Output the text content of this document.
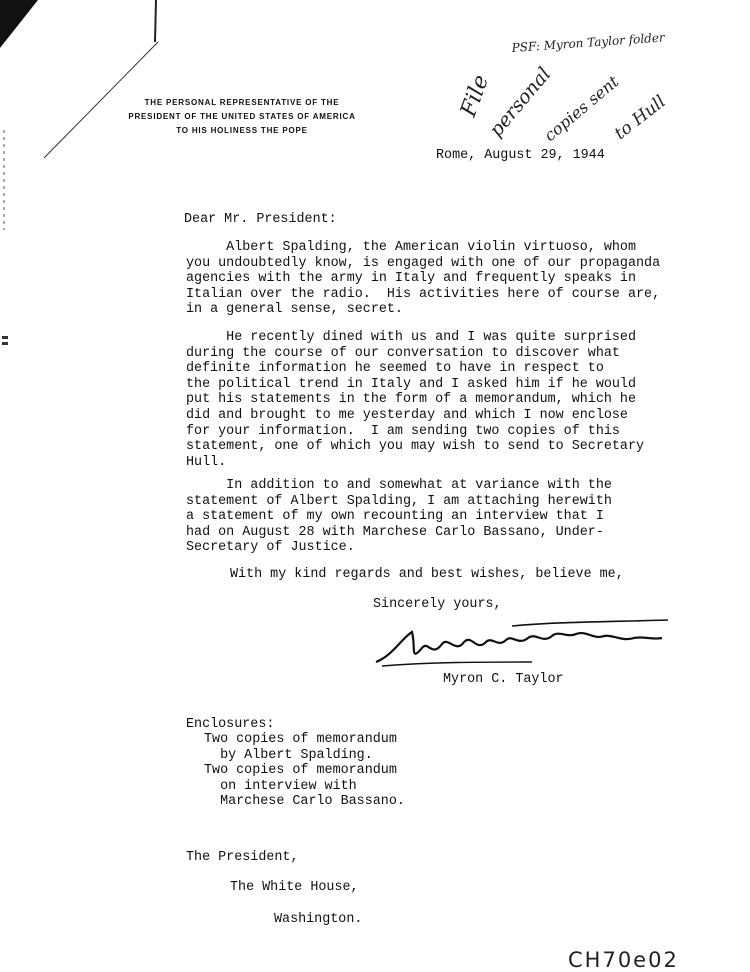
THE PERSONAL REPRESENTATIVE OF THE
PRESIDENT OF THE UNITED STATES OF AMERICA
TO HIS HOLINESS THE POPE
PSF: Myron Taylor folder
File
personal
copies sent
to Hull
Rome, August 29, 1944
Dear Mr. President:
Albert Spalding, the American violin virtuoso, whom
you undoubtedly know, is engaged with one of our propaganda
agencies with the army in Italy and frequently speaks in
Italian over the radio.  His activities here of course are,
in a general sense, secret.
He recently dined with us and I was quite surprised
during the course of our conversation to discover what
definite information he seemed to have in respect to
the political trend in Italy and I asked him if he would
put his statements in the form of a memorandum, which he
did and brought to me yesterday and which I now enclose
for your information.  I am sending two copies of this
statement, one of which you may wish to send to Secretary
Hull.
In addition to and somewhat at variance with the
statement of Albert Spalding, I am attaching herewith
a statement of my own recounting an interview that I
had on August 28 with Marchese Carlo Bassano, Under-
Secretary of Justice.
With my kind regards and best wishes, believe me,
Sincerely yours,
Myron C. Taylor
Enclosures:
Two copies of memorandum
by Albert Spalding.
Two copies of memorandum
on interview with
Marchese Carlo Bassano.
The President,
The White House,
Washington.
CH70e02
